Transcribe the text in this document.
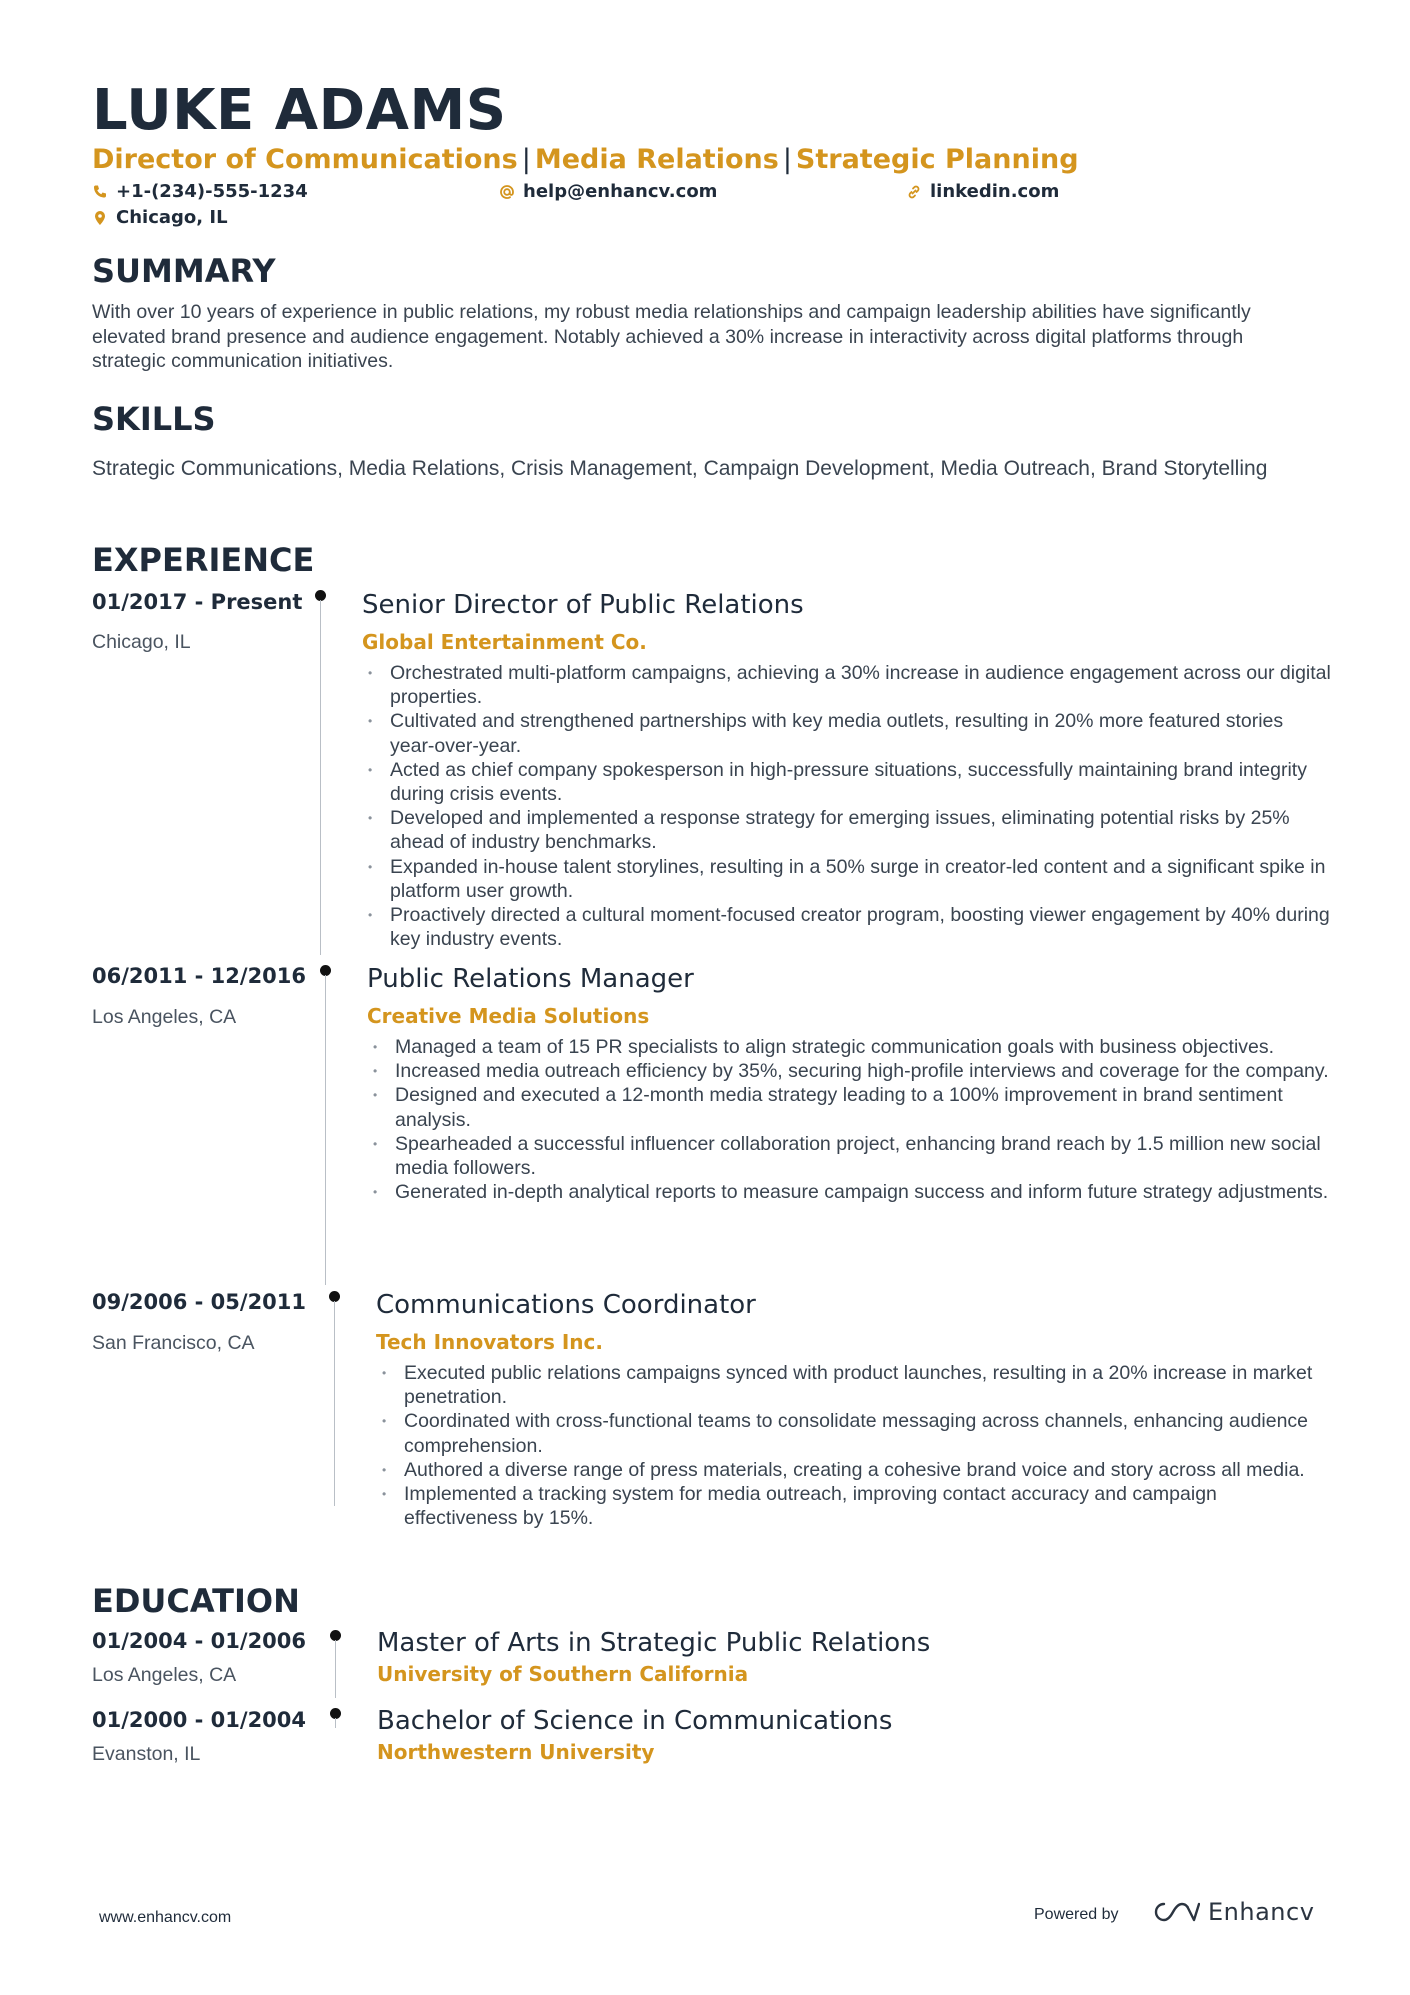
LUKE ADAMS
Director of Communications | Media Relations | Strategic Planning
+1-(234)-555-1234	help@enhancv.com	linkedin.com
Chicago, IL
SUMMARY
With over 10 years of experience in public relations, my robust media relationships and campaign leadership abilities have significantly elevated brand presence and audience engagement. Notably achieved a 30% increase in interactivity across digital platforms through strategic communication initiatives.
SKILLS
Strategic Communications, Media Relations, Crisis Management, Campaign Development, Media Outreach, Brand Storytelling
EXPERIENCE
01/2017 - Present
Chicago, IL
Senior Director of Public Relations
Global Entertainment Co.
• Orchestrated multi-platform campaigns, achieving a 30% increase in audience engagement across our digital properties.
• Cultivated and strengthened partnerships with key media outlets, resulting in 20% more featured stories year-over-year.
• Acted as chief company spokesperson in high-pressure situations, successfully maintaining brand integrity during crisis events.
• Developed and implemented a response strategy for emerging issues, eliminating potential risks by 25% ahead of industry benchmarks.
• Expanded in-house talent storylines, resulting in a 50% surge in creator-led content and a significant spike in platform user growth.
• Proactively directed a cultural moment-focused creator program, boosting viewer engagement by 40% during key industry events.
06/2011 - 12/2016
Los Angeles, CA
Public Relations Manager
Creative Media Solutions
• Managed a team of 15 PR specialists to align strategic communication goals with business objectives.
• Increased media outreach efficiency by 35%, securing high-profile interviews and coverage for the company.
• Designed and executed a 12-month media strategy leading to a 100% improvement in brand sentiment analysis.
• Spearheaded a successful influencer collaboration project, enhancing brand reach by 1.5 million new social media followers.
• Generated in-depth analytical reports to measure campaign success and inform future strategy adjustments.
09/2006 - 05/2011
San Francisco, CA
Communications Coordinator
Tech Innovators Inc.
• Executed public relations campaigns synced with product launches, resulting in a 20% increase in market penetration.
• Coordinated with cross-functional teams to consolidate messaging across channels, enhancing audience comprehension.
• Authored a diverse range of press materials, creating a cohesive brand voice and story across all media.
• Implemented a tracking system for media outreach, improving contact accuracy and campaign effectiveness by 15%.
EDUCATION
01/2004 - 01/2006
Los Angeles, CA
Master of Arts in Strategic Public Relations
University of Southern California
01/2000 - 01/2004
Evanston, IL
Bachelor of Science in Communications
Northwestern University
www.enhancv.com	Powered by	Enhancv
